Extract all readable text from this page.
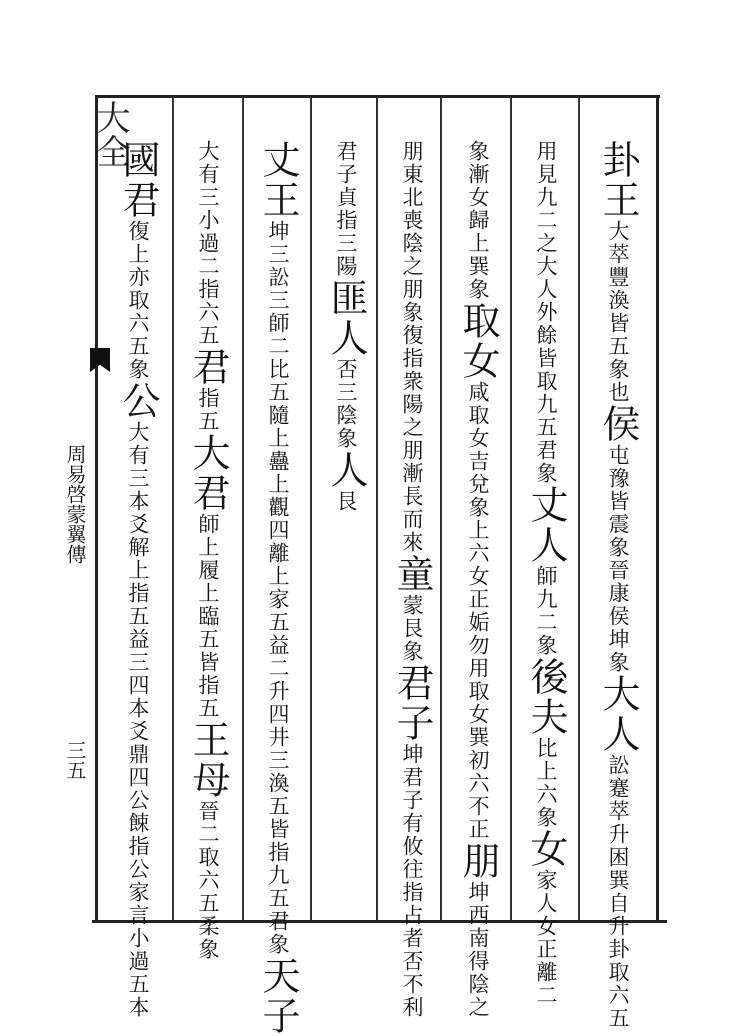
大全
周易啓蒙翼傳
三五
卦王大萃豐渙皆五象也侯屯豫皆震象晉康侯坤象大人訟蹇萃升困巽自升卦取六五
用見九二之大人外餘皆取九五君象丈人師九二象後夫比上六象女家人女正離二
象漸女歸上巽象取女咸取女吉兌象上六女正姤勿用取女巽初六不正朋坤西南得陰之
朋東北喪陰之朋象復指衆陽之朋漸長而來童蒙艮象君子坤君子有攸往指占者否不利
君子貞指三陽匪人否三陰象人艮
丈王坤三訟三師二比五隨上蠱上觀四離上家五益二升四井三渙五皆指九五君象天子
大有三小過二指六五君指五大君師上履上臨五皆指五王母晉二取六五柔象
國君復上亦取六五象公大有三本爻解上指五益三四本爻鼎四公餗指公家言小過五本
